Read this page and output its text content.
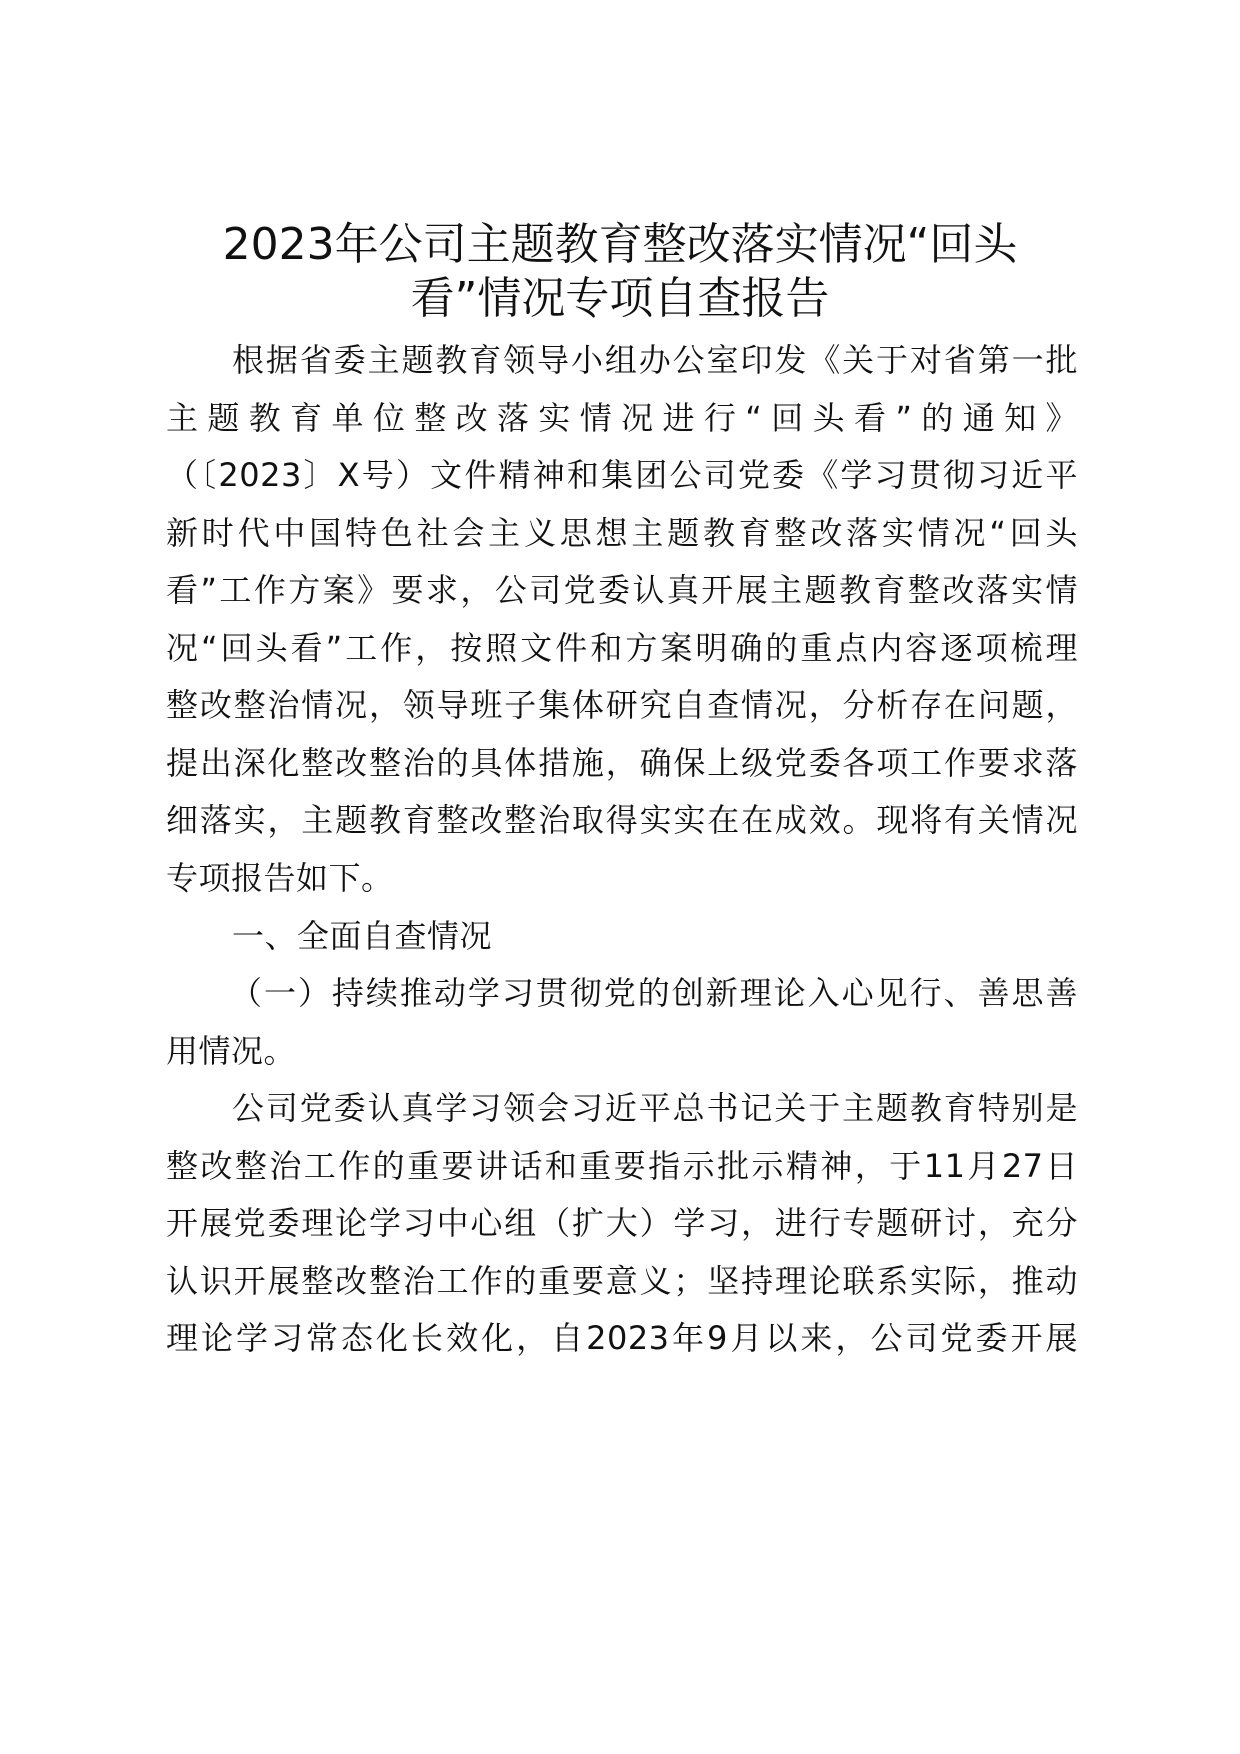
2023年公司主题教育整改落实情况“回头
看”情况专项自查报告
根据省委主题教育领导小组办公室印发《关于对省第一批
主题教育单位整改落实情况进行“回头看”的通知》
（〔2023〕X号）文件精神和集团公司党委《学习贯彻习近平
新时代中国特色社会主义思想主题教育整改落实情况“回头
看”工作方案》要求，公司党委认真开展主题教育整改落实情
况“回头看”工作，按照文件和方案明确的重点内容逐项梳理
整改整治情况，领导班子集体研究自查情况，分析存在问题，
提出深化整改整治的具体措施，确保上级党委各项工作要求落
细落实，主题教育整改整治取得实实在在成效。现将有关情况
专项报告如下。
一、全面自查情况
（一）持续推动学习贯彻党的创新理论入心见行、善思善
用情况。
公司党委认真学习领会习近平总书记关于主题教育特别是
整改整治工作的重要讲话和重要指示批示精神，于11月27日
开展党委理论学习中心组（扩大）学习，进行专题研讨，充分
认识开展整改整治工作的重要意义；坚持理论联系实际，推动
理论学习常态化长效化，自2023年9月以来，公司党委开展
